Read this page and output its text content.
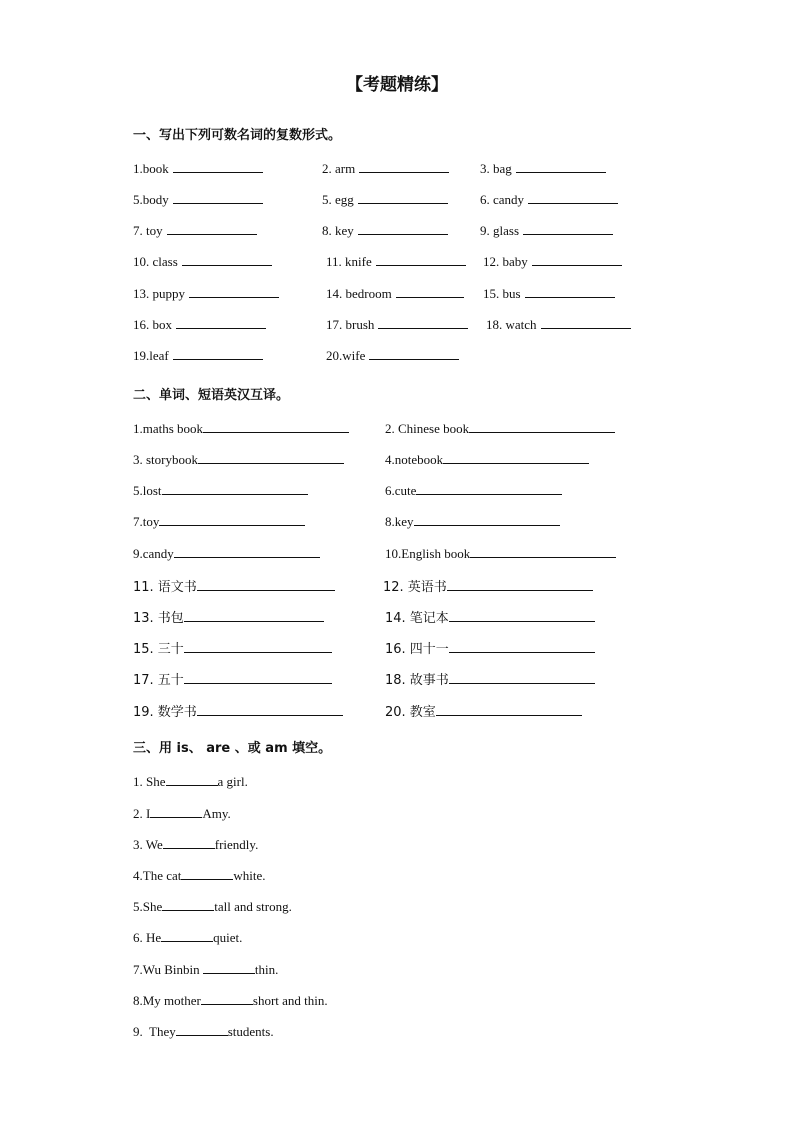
【考题精练】
一、写出下列可数名词的复数形式。
1.book	2. arm	3. bag
5.body	5. egg	6. candy
7. toy	8. key	9. glass
10. class	11. knife	12. baby
13. puppy	14. bedroom	15. bus
16. box	17. brush	18. watch
19.leaf	20.wife
二、单词、短语英汉互译。
1.maths book	2. Chinese book
3. storybook	4.notebook
5.lost	6.cute
7.toy	8.key
9.candy	10.English book
11. 语文书	12. 英语书
13. 书包	14. 笔记本
15. 三十	16. 四十一
17. 五十	18. 故事书
19. 数学书	20. 教室
三、用 is、 are 、或 am 填空。
1. She	a girl.
2. I	Amy.
3. We	friendly.
4.The cat	white.
5.She	tall and strong.
6. He	quiet.
7.Wu Binbin	thin.
8.My mother	short and thin.
9.  They	students.
